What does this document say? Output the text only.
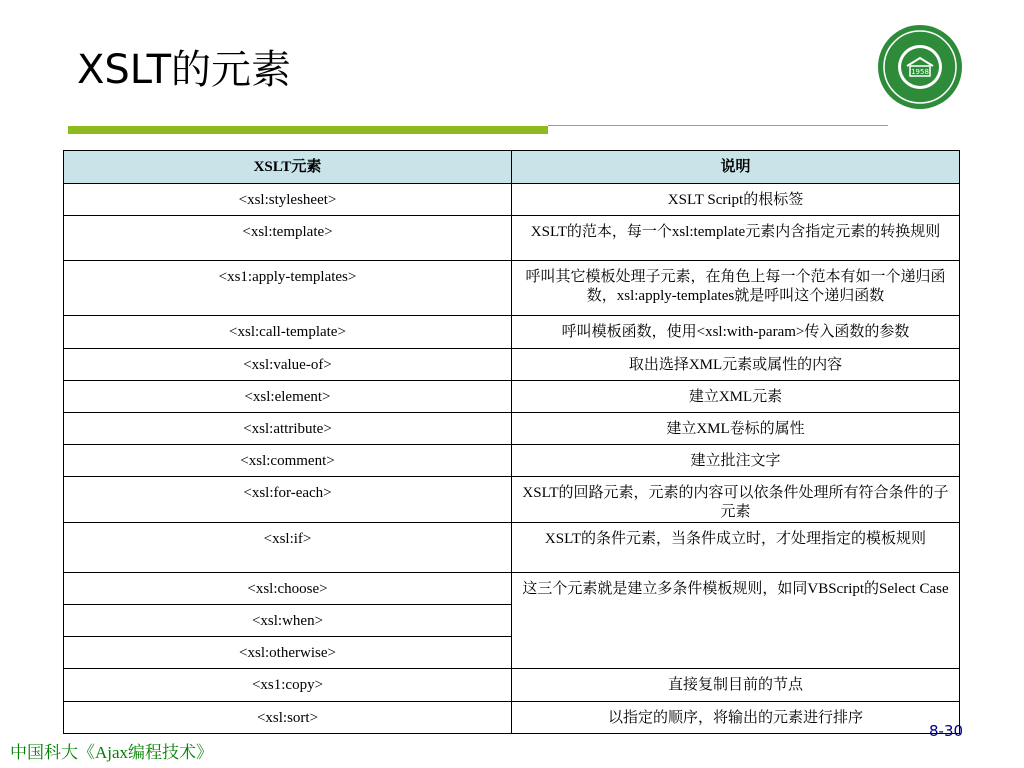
XSLT的元素	1958
XSLT元素	说明
<xsl:stylesheet>	XSLT Script的根标签
<xsl:template>	XSLT的范本，每一个xsl:template元素内含指定元素的转换规则
<xs1:apply-templates>	呼叫其它模板处理子元素，在角色上每一个范本有如一个递归函数，xsl:apply-templates就是呼叫这个递归函数
<xsl:call-template>	呼叫模板函数，使用<xsl:with-param>传入函数的参数
<xsl:value-of>	取出选择XML元素或属性的内容
<xsl:element>	建立XML元素
<xsl:attribute>	建立XML卷标的属性
<xsl:comment>	建立批注文字
<xsl:for-each>	XSLT的回路元素，元素的内容可以依条件处理所有符合条件的子元素
<xsl:if>	XSLT的条件元素，当条件成立时，才处理指定的模板规则
<xsl:choose>	这三个元素就是建立多条件模板规则，如同VBScript的Select Case
<xsl:when>	
<xsl:otherwise>	
<xs1:copy>	直接复制目前的节点
<xsl:sort>	以指定的顺序，将输出的元素进行排序
8-30
中国科大《Ajax编程技术》
